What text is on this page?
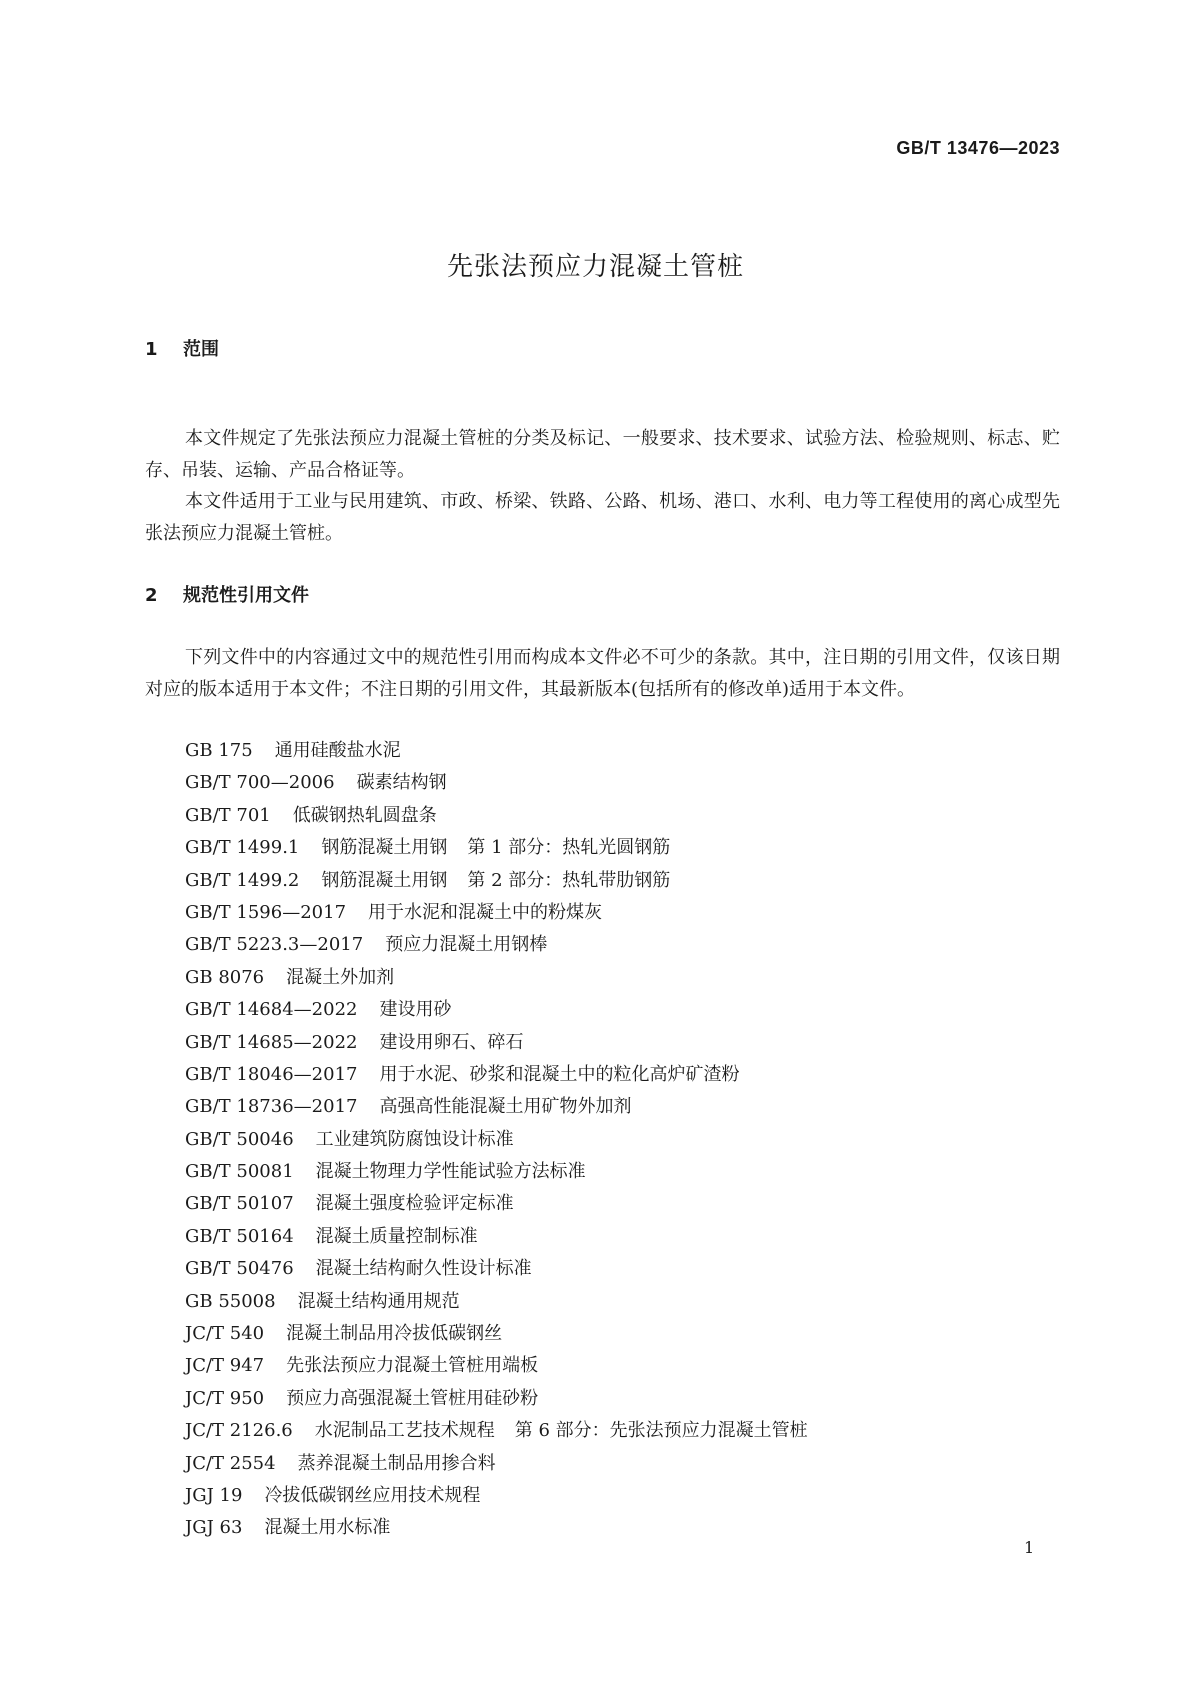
GB/T 13476—2023
先张法预应力混凝土管桩
1 范围
本文件规定了先张法预应力混凝土管桩的分类及标记、一般要求、技术要求、试验方法、检验规则、标志、贮存、吊装、运输、产品合格证等。
本文件适用于工业与民用建筑、市政、桥梁、铁路、公路、机场、港口、水利、电力等工程使用的离心成型先张法预应力混凝土管桩。
2 规范性引用文件
下列文件中的内容通过文中的规范性引用而构成本文件必不可少的条款。其中，注日期的引用文件，仅该日期对应的版本适用于本文件；不注日期的引用文件，其最新版本(包括所有的修改单)适用于本文件。
GB 175 通用硅酸盐水泥
GB/T 700—2006 碳素结构钢
GB/T 701 低碳钢热轧圆盘条
GB/T 1499.1 钢筋混凝土用钢 第 1 部分：热轧光圆钢筋
GB/T 1499.2 钢筋混凝土用钢 第 2 部分：热轧带肋钢筋
GB/T 1596—2017 用于水泥和混凝土中的粉煤灰
GB/T 5223.3—2017 预应力混凝土用钢棒
GB 8076 混凝土外加剂
GB/T 14684—2022 建设用砂
GB/T 14685—2022 建设用卵石、碎石
GB/T 18046—2017 用于水泥、砂浆和混凝土中的粒化高炉矿渣粉
GB/T 18736—2017 高强高性能混凝土用矿物外加剂
GB/T 50046 工业建筑防腐蚀设计标准
GB/T 50081 混凝土物理力学性能试验方法标准
GB/T 50107 混凝土强度检验评定标准
GB/T 50164 混凝土质量控制标准
GB/T 50476 混凝土结构耐久性设计标准
GB 55008 混凝土结构通用规范
JC/T 540 混凝土制品用冷拔低碳钢丝
JC/T 947 先张法预应力混凝土管桩用端板
JC/T 950 预应力高强混凝土管桩用硅砂粉
JC/T 2126.6 水泥制品工艺技术规程 第 6 部分：先张法预应力混凝土管桩
JC/T 2554 蒸养混凝土制品用掺合料
JGJ 19 冷拔低碳钢丝应用技术规程
JGJ 63 混凝土用水标准
1
